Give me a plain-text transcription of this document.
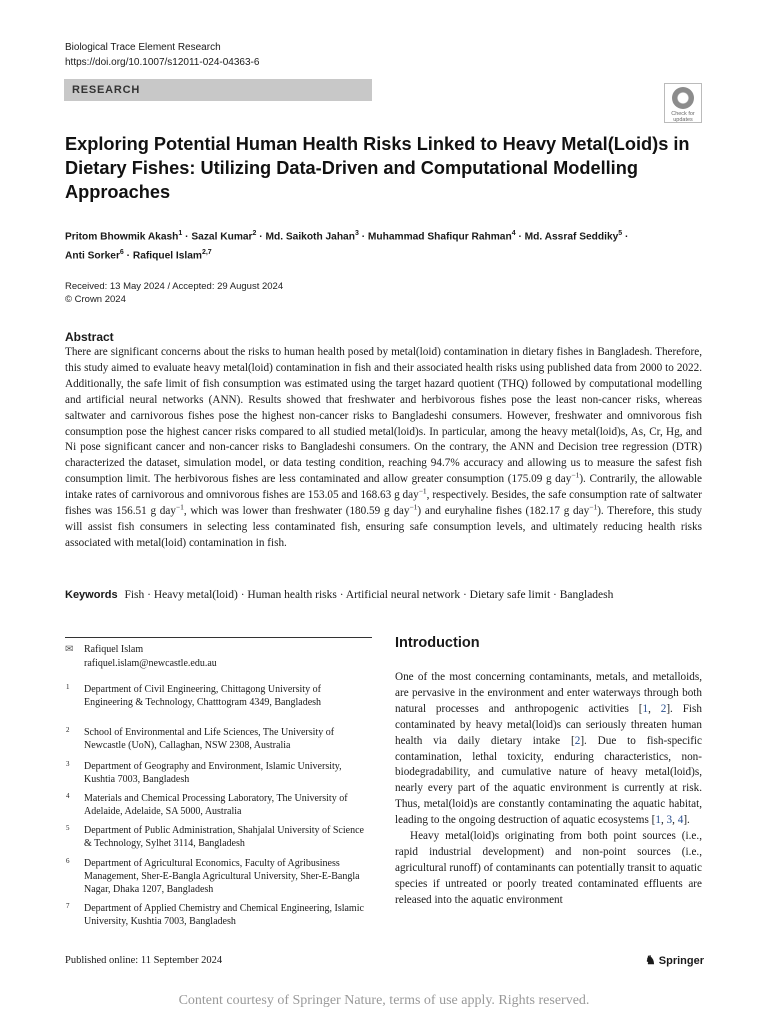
Biological Trace Element Research
https://doi.org/10.1007/s12011-024-04363-6
RESEARCH
Check for
updates
Exploring Potential Human Health Risks Linked to Heavy Metal(Loid)s in Dietary Fishes: Utilizing Data-Driven and Computational Modelling Approaches
Pritom Bhowmik Akash$^1$ · Sazal Kumar$^2$ · Md. Saikoth Jahan$^3$ · Muhammad Shafiqur Rahman$^4$ · Md. Assraf Seddiky$^5$ ·
Anti Sorker$^6$ · Rafiquel Islam$^{2,7}$
Received: 13 May 2024 / Accepted: 29 August 2024
© Crown 2024
Abstract

There are significant concerns about the risks to human health posed by metal(loid) contamination in dietary fishes in Bangladesh. Therefore, this study aimed to evaluate heavy metal(loid) contamination in fish and their associated health risks using published data from 2000 to 2022. Additionally, the safe limit of fish consumption was estimated using the target hazard quotient (THQ) followed by computational modelling and artificial neural networks (ANN). Results showed that freshwater and herbivorous fishes pose the least non-cancer risks, whereas saltwater and carnivorous fishes pose the highest non-cancer risks to Bangladeshi consumers. However, freshwater and omnivorous fish consumption pose the highest cancer risks compared to all studied metal(loid)s. In particular, among the heavy metal(loid)s, As, Cr, Hg, and Ni pose significant cancer and non-cancer risks to Bangladeshi consumers. On the contrary, the ANN and Decision tree regression (DTR) characterized the dataset, simulation model, or data testing condition, reaching 94.7% accuracy and allowing us to measure the safest fish consumption limit. The herbivorous fishes are less contaminated and allow greater consumption (175.09 g day$^{-1}$). Contrarily, the allowable intake rates of carnivorous and omnivorous fishes are 153.05 and 168.63 g day$^{-1}$, respectively. Besides, the safe consumption rate of saltwater fishes was 156.51 g day$^{-1}$, which was lower than freshwater (180.59 g day$^{-1}$) and euryhaline fishes (182.17 g day$^{-1}$). Therefore, this study will assist fish consumers in selecting less contaminated fish, ensuring safe consumption levels, and ultimately reducing health risks associated with metal(loid) contamination in fish.

Keywords Fish · Heavy metal(loid) · Human health risks · Artificial neural network · Dietary safe limit · Bangladesh
✉ Rafiquel Islam
rafiquel.islam@newcastle.edu.au
1 Department of Civil Engineering, Chittagong University of Engineering & Technology, Chatttogram 4349, Bangladesh
2 School of Environmental and Life Sciences, The University of Newcastle (UoN), Callaghan, NSW 2308, Australia
3 Department of Geography and Environment, Islamic University, Kushtia 7003, Bangladesh
4 Materials and Chemical Processing Laboratory, The University of Adelaide, Adelaide, SA 5000, Australia
5 Department of Public Administration, Shahjalal University of Science & Technology, Sylhet 3114, Bangladesh
6 Department of Agricultural Economics, Faculty of Agribusiness Management, Sher-E-Bangla Agricultural University, Sher-E-Bangla Nagar, Dhaka 1207, Bangladesh
7 Department of Applied Chemistry and Chemical Engineering, Islamic University, Kushtia 7003, Bangladesh
Introduction

One of the most concerning contaminants, metals, and metalloids, are pervasive in the environment and enter waterways through both natural processes and anthropogenic activities [1, 2]. Fish contaminated by heavy metal(loid)s can seriously threaten human health via daily dietary intake [2]. Due to fish-specific contamination, lethal toxicity, enduring characteristics, non-biodegradability, and cumulative nature of heavy metal(loid)s, nearly every part of the aquatic environment is currently at risk. Thus, metal(loid)s are constantly contaminating the aquatic habitat, leading to the ongoing destruction of aquatic ecosystems [1, 3, 4].
Heavy metal(loid)s originating from both point sources (i.e., rapid industrial development) and non-point sources (i.e., agricultural runoff) of contaminants can potentially transit to aquatic species if untreated or poorly treated contaminated effluents are released into the aquatic environment

Published online: 11 September 2024	♞ Springer
Content courtesy of Springer Nature, terms of use apply. Rights reserved.
